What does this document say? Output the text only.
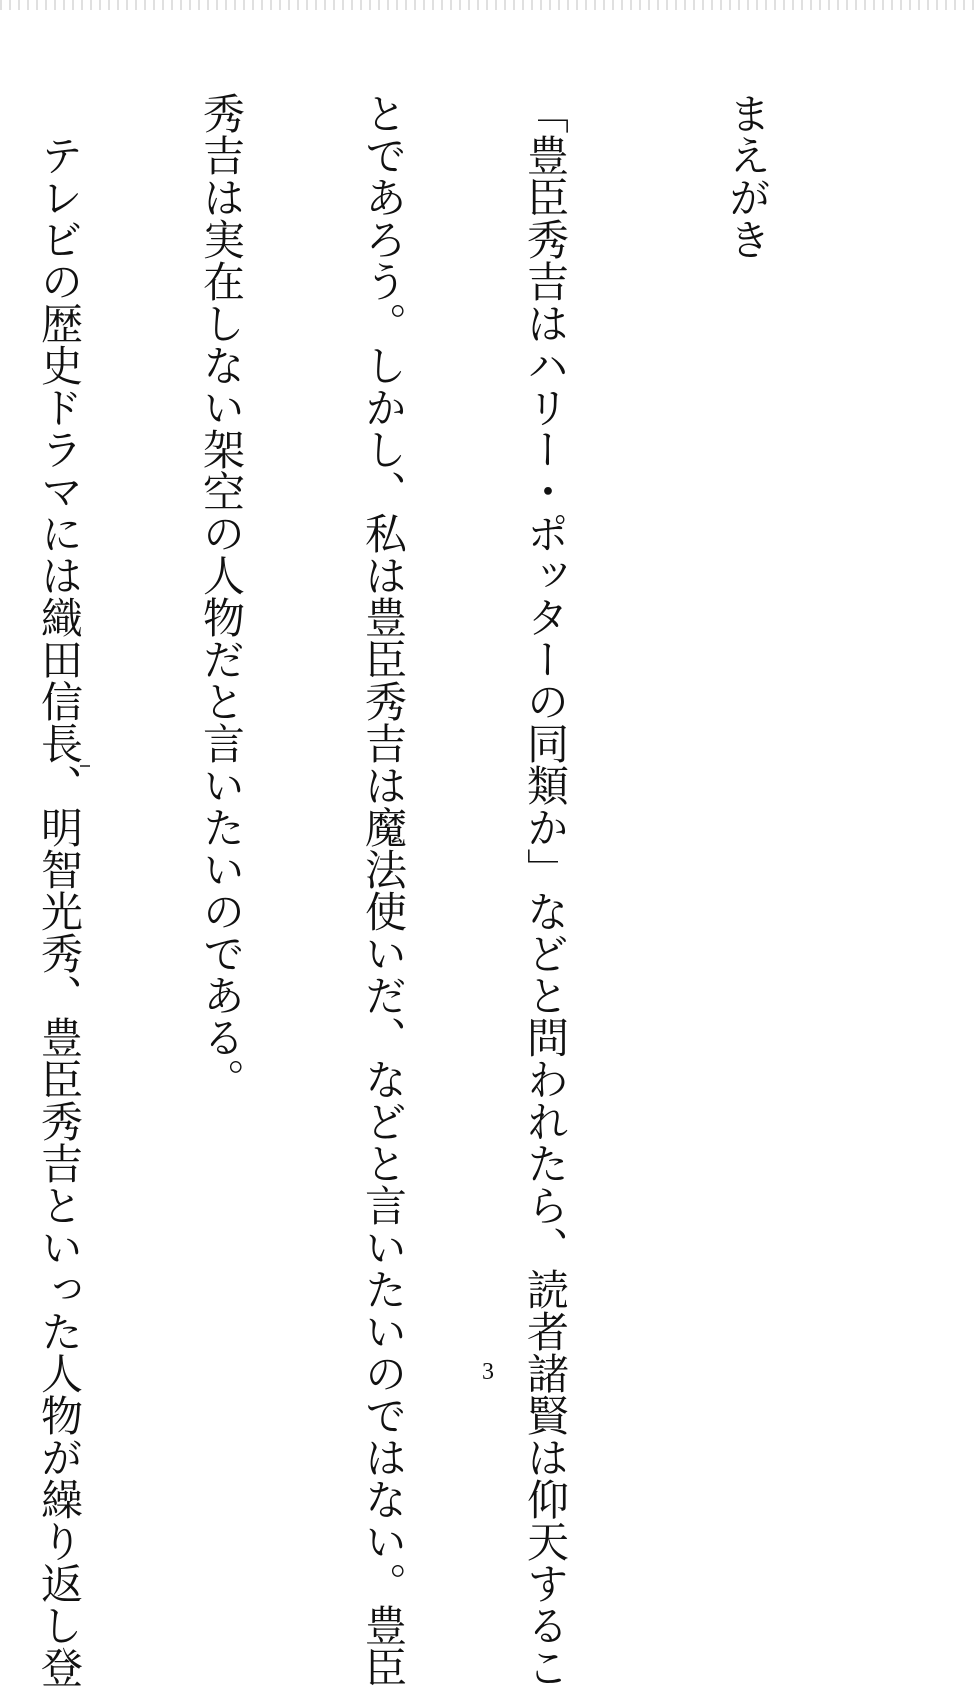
まえがき

「豊臣秀吉はハリー・ポッターの同類か」などと問われたら、読者諸賢は仰天するこ

とであろう。しかし、私は豊臣秀吉は魔法使いだ、などと言いたいのではない。豊臣

秀吉は実在しない架空の人物だと言いたいのである。

　テレビの歴史ドラマには織田信長、明智光秀、豊臣秀吉といった人物が繰り返し登

	3
